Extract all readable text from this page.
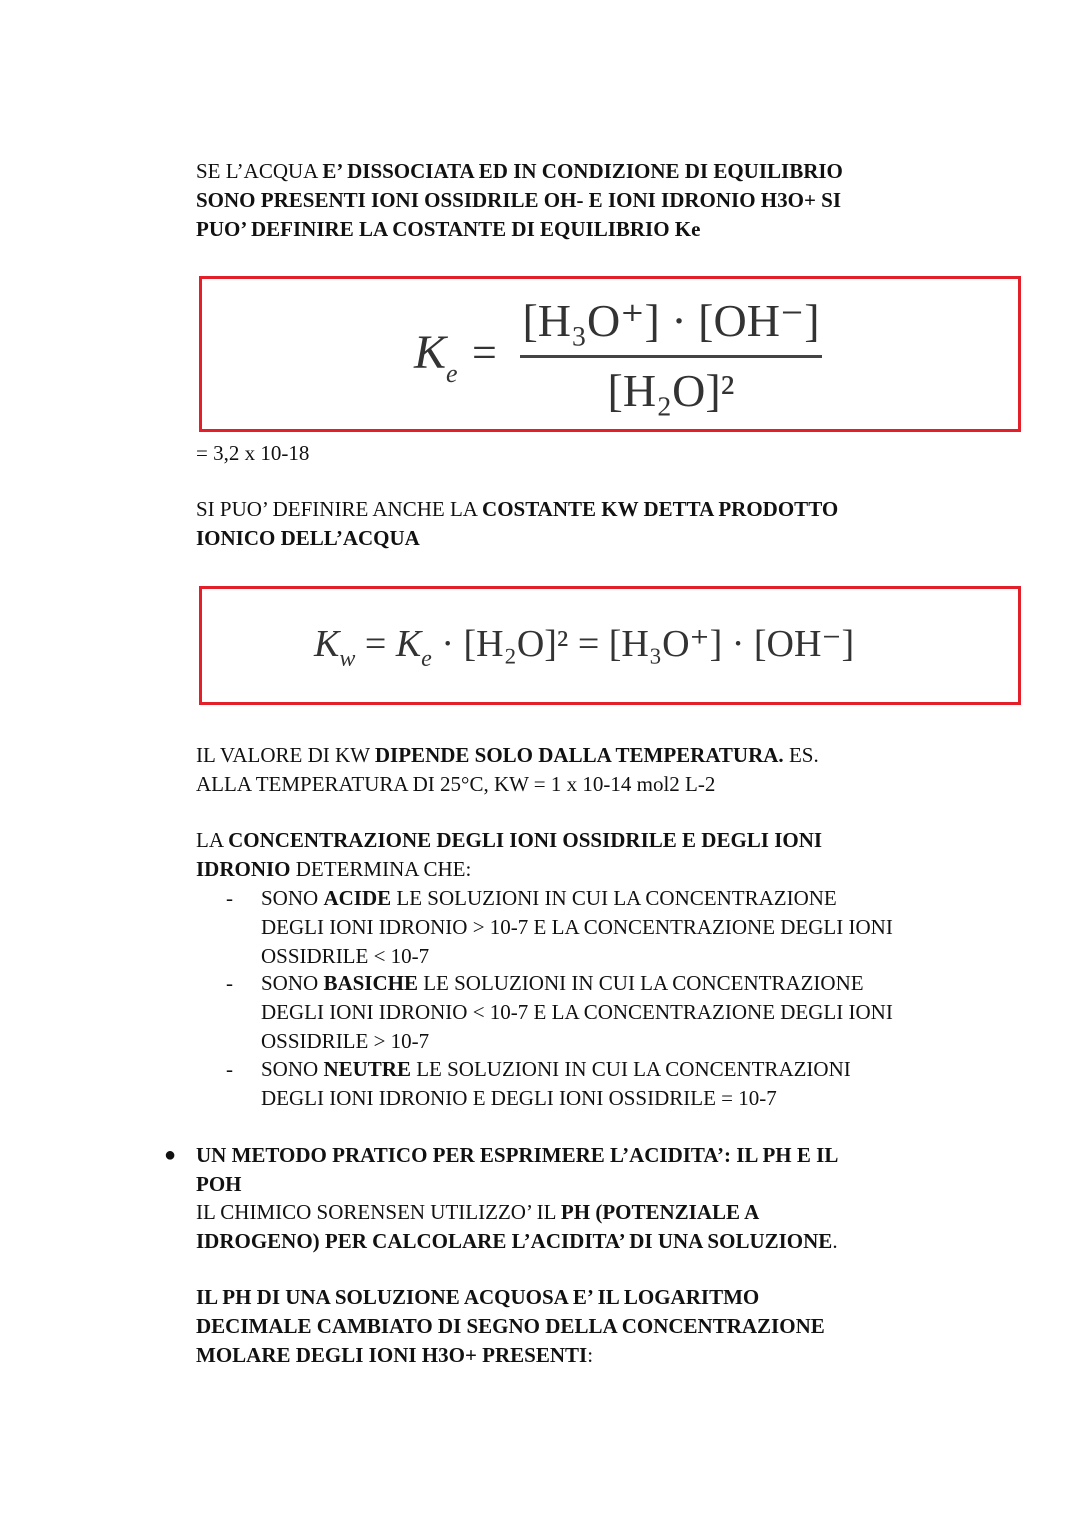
SE L’ACQUA E’ DISSOCIATA ED IN CONDIZIONE DI EQUILIBRIO
SONO PRESENTI IONI OSSIDRILE OH- E IONI IDRONIO H3O+ SI
PUO’ DEFINIRE LA COSTANTE DI EQUILIBRIO Ke
$K_e$ =
[H₃O⁺] · [OH⁻]
[H₂O]²
= 3,2 x 10-18
SI PUO’ DEFINIRE ANCHE LA COSTANTE KW DETTA PRODOTTO
IONICO DELL’ACQUA
$K_w = K_e \cdot [H_2O]^2 = [H_3O^+] \cdot [OH^-]$
IL VALORE DI KW DIPENDE SOLO DALLA TEMPERATURA. ES.
ALLA TEMPERATURA DI 25°C, KW = 1 x 10-14 mol2 L-2
LA CONCENTRAZIONE DEGLI IONI OSSIDRILE E DEGLI IONI
IDRONIO DETERMINA CHE:
- SONO ACIDE LE SOLUZIONI IN CUI LA CONCENTRAZIONE
DEGLI IONI IDRONIO > 10-7 E LA CONCENTRAZIONE DEGLI IONI
OSSIDRILE < 10-7
- SONO BASICHE LE SOLUZIONI IN CUI LA CONCENTRAZIONE
DEGLI IONI IDRONIO < 10-7 E LA CONCENTRAZIONE DEGLI IONI
OSSIDRILE > 10-7
- SONO NEUTRE LE SOLUZIONI IN CUI LA CONCENTRAZIONI
DEGLI IONI IDRONIO E DEGLI IONI OSSIDRILE = 10-7
● UN METODO PRATICO PER ESPRIMERE L’ACIDITA’: IL PH E IL
POH
IL CHIMICO SORENSEN UTILIZZO’ IL PH (POTENZIALE A
IDROGENO) PER CALCOLARE L’ACIDITA’ DI UNA SOLUZIONE.
IL PH DI UNA SOLUZIONE ACQUOSA E’ IL LOGARITMO
DECIMALE CAMBIATO DI SEGNO DELLA CONCENTRAZIONE
MOLARE DEGLI IONI H3O+ PRESENTI:
